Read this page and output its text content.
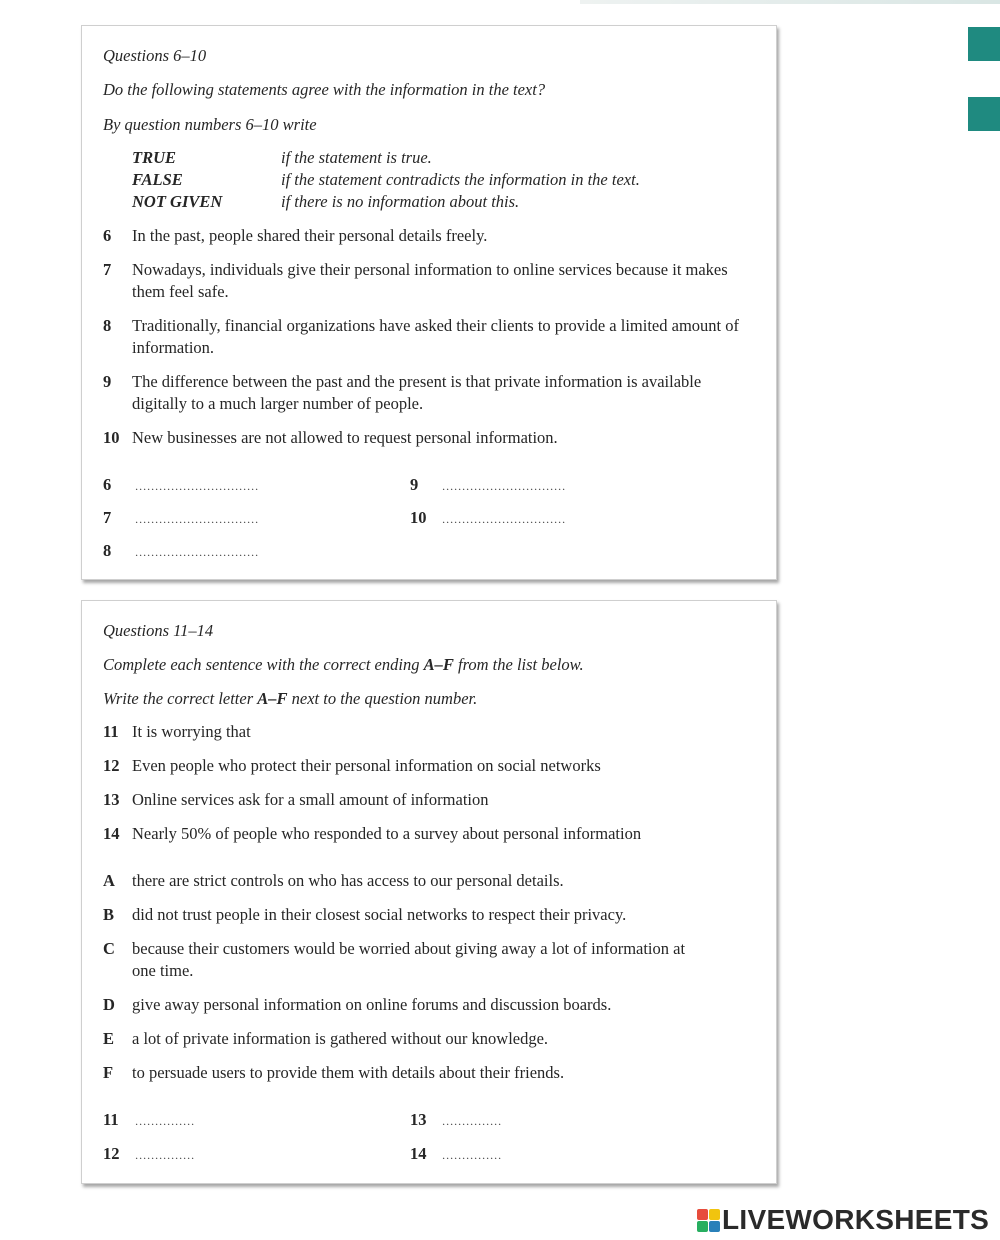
Questions 6–10

Do the following statements agree with the information in the text?

By question numbers 6–10 write

TRUE	if the statement is true.
FALSE	if the statement contradicts the information in the text.
NOT GIVEN	if there is no information about this.
6 In the past, people shared their personal details freely.
7 Nowadays, individuals give their personal information to online services because it makes them feel safe.
8 Traditionally, financial organizations have asked their clients to provide a limited amount of information.
9 The difference between the past and the present is that private information is available digitally to a much larger number of people.
10 New businesses are not allowed to request personal information.
6 ...............................
7 ...............................
8 ...............................
9 ...............................
10 ...............................

Questions 11–14

Complete each sentence with the correct ending A–F from the list below.

Write the correct letter A–F next to the question number.

11 It is worrying that
12 Even people who protect their personal information on social networks
13 Online services ask for a small amount of information
14 Nearly 50% of people who responded to a survey about personal information
A there are strict controls on who has access to our personal details.
B did not trust people in their closest social networks to respect their privacy.
C because their customers would be worried about giving away a lot of information at one time.
D give away personal information on online forums and discussion boards.
E a lot of private information is gathered without our knowledge.
F to persuade users to provide them with details about their friends.
11 ...............
12 ...............
13 ...............
14 ...............
LIVEWORKSHEETS
